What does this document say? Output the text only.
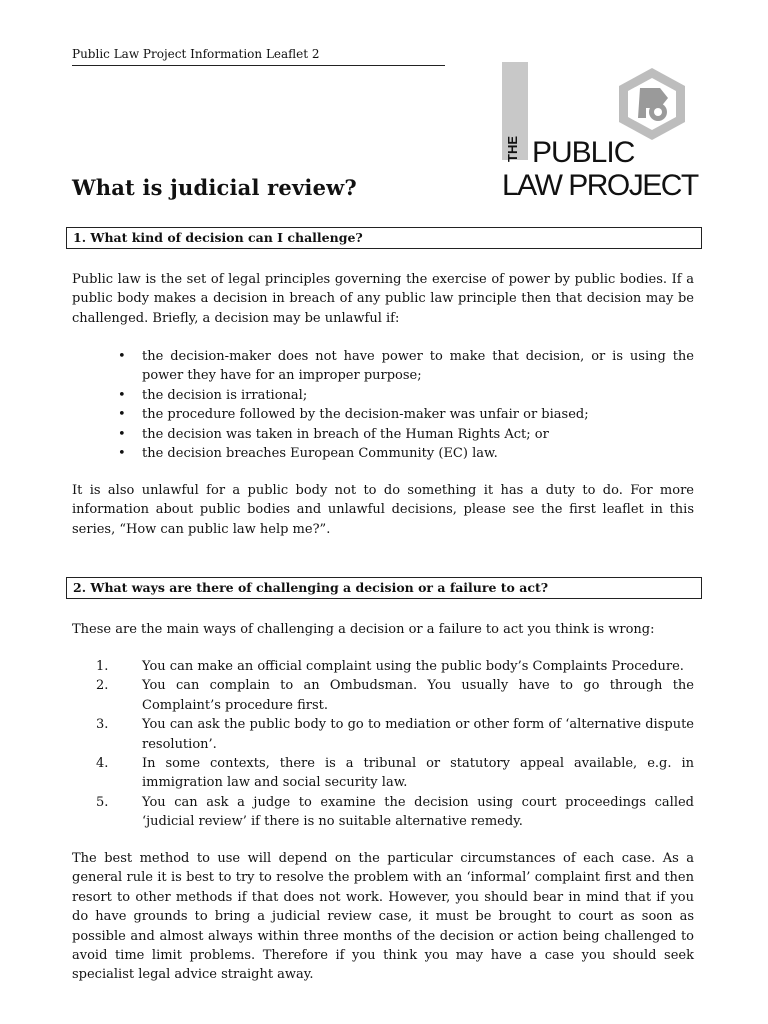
Public Law Project Information Leaflet 2
THE PUBLIC
LAW PROJECT
What is judicial review?
1. What kind of decision can I challenge?
Public law is the set of legal principles governing the exercise of power by public bodies. If a public body makes a decision in breach of any public law principle then that decision may be challenged. Briefly, a decision may be unlawful if:
• the decision-maker does not have power to make that decision, or is using the power they have for an improper purpose;
• the decision is irrational;
• the procedure followed by the decision-maker was unfair or biased;
• the decision was taken in breach of the Human Rights Act; or
• the decision breaches European Community (EC) law.
It is also unlawful for a public body not to do something it has a duty to do. For more information about public bodies and unlawful decisions, please see the first leaflet in this series, “How can public law help me?”.
2. What ways are there of challenging a decision or a failure to act?
These are the main ways of challenging a decision or a failure to act you think is wrong:
1.	You can make an official complaint using the public body’s Complaints Procedure.
2.	You can complain to an Ombudsman. You usually have to go through the Complaint’s procedure first.
3.	You can ask the public body to go to mediation or other form of ‘alternative dispute resolution’.
4.	In some contexts, there is a tribunal or statutory appeal available, e.g. in immigration law and social security law.
5.	You can ask a judge to examine the decision using court proceedings called ‘judicial review’ if there is no suitable alternative remedy.
The best method to use will depend on the particular circumstances of each case. As a general rule it is best to try to resolve the problem with an ‘informal’ complaint first and then resort to other methods if that does not work. However, you should bear in mind that if you do have grounds to bring a judicial review case, it must be brought to court as soon as possible and almost always within three months of the decision or action being challenged to avoid time limit problems. Therefore if you think you may have a case you should seek specialist legal advice straight away.
